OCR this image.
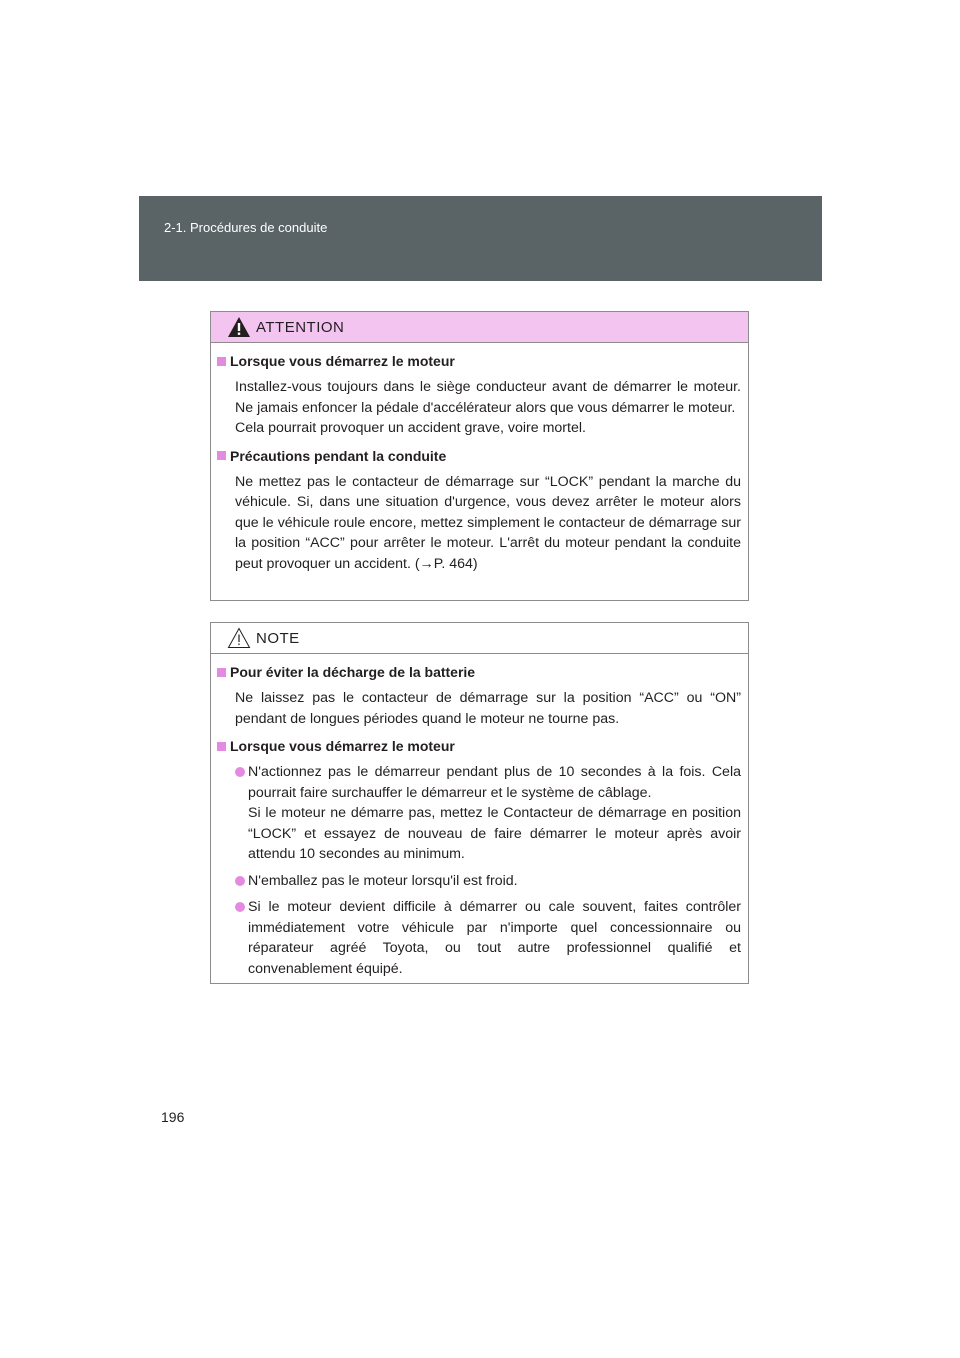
2-1. Procédures de conduite
ATTENTION
Lorsque vous démarrez le moteur
Installez-vous toujours dans le siège conducteur avant de démarrer le moteur. Ne jamais enfoncer la pédale d'accélérateur alors que vous démarrer le moteur.
Cela pourrait provoquer un accident grave, voire mortel.
Précautions pendant la conduite
Ne mettez pas le contacteur de démarrage sur “LOCK” pendant la marche du véhicule. Si, dans une situation d'urgence, vous devez arrêter le moteur alors que le véhicule roule encore, mettez simplement le contacteur de démarrage sur la position “ACC” pour arrêter le moteur. L'arrêt du moteur pendant la conduite peut provoquer un accident. (→P. 464)
NOTE
Pour éviter la décharge de la batterie
Ne laissez pas le contacteur de démarrage sur la position “ACC” ou “ON” pendant de longues périodes quand le moteur ne tourne pas.
Lorsque vous démarrez le moteur
N'actionnez pas le démarreur pendant plus de 10 secondes à la fois. Cela pourrait faire surchauffer le démarreur et le système de câblage.
Si le moteur ne démarre pas, mettez le Contacteur de démarrage en position “LOCK” et essayez de nouveau de faire démarrer le moteur après avoir attendu 10 secondes au minimum.
N'emballez pas le moteur lorsqu'il est froid.
Si le moteur devient difficile à démarrer ou cale souvent, faites contrôler immédiatement votre véhicule par n'importe quel concessionnaire ou réparateur agréé Toyota, ou tout autre professionnel qualifié et convenablement équipé.
196
